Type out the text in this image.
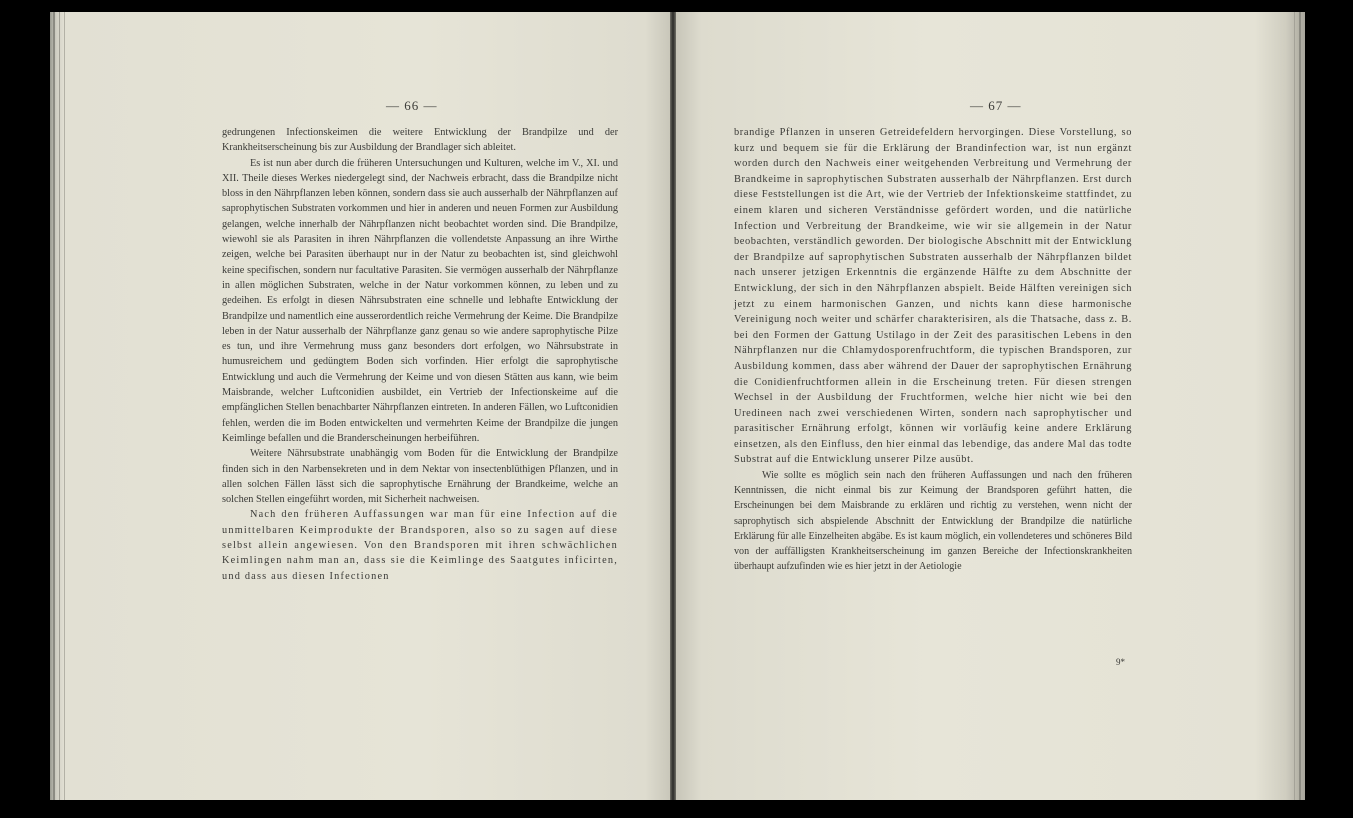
— 66 —

gedrungenen Infectionskeimen die weitere Entwicklung der Brandpilze und der Krankheitserscheinung bis zur Ausbildung der Brandlager sich ableitet.

Es ist nun aber durch die früheren Untersuchungen und Kulturen, welche im V., XI. und XII. Theile dieses Werkes niedergelegt sind, der Nachweis erbracht, dass die Brandpilze nicht bloss in den Nährpflanzen leben können, sondern dass sie auch ausserhalb der Nährpflanzen auf saprophytischen Substraten vorkommen und hier in anderen und neuen Formen zur Ausbildung gelangen, welche innerhalb der Nährpflanzen nicht beobachtet worden sind. Die Brandpilze, wiewohl sie als Parasiten in ihren Nährpflanzen die vollendetste Anpassung an ihre Wirthe zeigen, welche bei Parasiten überhaupt nur in der Natur zu beobachten ist, sind gleichwohl keine specifischen, sondern nur facultative Parasiten. Sie vermögen ausserhalb der Nährpflanze in allen möglichen Substraten, welche in der Natur vorkommen können, zu leben und zu gedeihen. Es erfolgt in diesen Nährsubstraten eine schnelle und lebhafte Entwicklung der Brandpilze und namentlich eine ausserordentlich reiche Vermehrung der Keime. Die Brandpilze leben in der Natur ausserhalb der Nährpflanze ganz genau so wie andere saprophytische Pilze es tun, und ihre Vermehrung muss ganz besonders dort erfolgen, wo Nährsubstrate in humusreichem und gedüngtem Boden sich vorfinden. Hier erfolgt die saprophytische Entwicklung und auch die Vermehrung der Keime und von diesen Stätten aus kann, wie beim Maisbrande, welcher Luftconidien ausbildet, ein Vertrieb der Infectionskeime auf die empfänglichen Stellen benachbarter Nährpflanzen eintreten. In anderen Fällen, wo Luftconidien fehlen, werden die im Boden entwickelten und vermehrten Keime der Brandpilze die jungen Keimlinge befallen und die Branderscheinungen herbeiführen.

Weitere Nährsubstrate unabhängig vom Boden für die Entwicklung der Brandpilze finden sich in den Narbensekreten und in dem Nektar von insectenblüthigen Pflanzen, und in allen solchen Fällen lässt sich die saprophytische Ernährung der Brandkeime, welche an solchen Stellen eingeführt worden, mit Sicherheit nachweisen.

Nach den früheren Auffassungen war man für eine Infection auf die unmittelbaren Keimprodukte der Brandsporen, also so zu sagen auf diese selbst allein angewiesen. Von den Brandsporen mit ihren schwächlichen Keimlingen nahm man an, dass sie die Keimlinge des Saatgutes inficirten, und dass aus diesen Infectionen

— 67 —

brandige Pflanzen in unseren Getreidefeldern hervorgingen. Diese Vorstellung, so kurz und bequem sie für die Erklärung der Brandinfection war, ist nun ergänzt worden durch den Nachweis einer weitgehenden Verbreitung und Vermehrung der Brandkeime in saprophytischen Substraten ausserhalb der Nährpflanzen. Erst durch diese Feststellungen ist die Art, wie der Vertrieb der Infektionskeime stattfindet, zu einem klaren und sicheren Verständnisse gefördert worden, und die natürliche Infection und Verbreitung der Brandkeime, wie wir sie allgemein in der Natur beobachten, verständlich geworden. Der biologische Abschnitt mit der Entwicklung der Brandpilze auf saprophytischen Substraten ausserhalb der Nährpflanzen bildet nach unserer jetzigen Erkenntnis die ergänzende Hälfte zu dem Abschnitte der Entwicklung, der sich in den Nährpflanzen abspielt. Beide Hälften vereinigen sich jetzt zu einem harmonischen Ganzen, und nichts kann diese harmonische Vereinigung noch weiter und schärfer charakterisiren, als die Thatsache, dass z. B. bei den Formen der Gattung Ustilago in der Zeit des parasitischen Lebens in den Nährpflanzen nur die Chlamydosporenfruchtform, die typischen Brandsporen, zur Ausbildung kommen, dass aber während der Dauer der saprophytischen Ernährung die Conidienfruchtformen allein in die Erscheinung treten. Für diesen strengen Wechsel in der Ausbildung der Fruchtformen, welche hier nicht wie bei den Uredineen nach zwei verschiedenen Wirten, sondern nach saprophytischer und parasitischer Ernährung erfolgt, können wir vorläufig keine andere Erklärung einsetzen, als den Einfluss, den hier einmal das lebendige, das andere Mal das todte Substrat auf die Entwicklung unserer Pilze ausübt.

Wie sollte es möglich sein nach den früheren Auffassungen und nach den früheren Kenntnissen, die nicht einmal bis zur Keimung der Brandsporen geführt hatten, die Erscheinungen bei dem Maisbrande zu erklären und richtig zu verstehen, wenn nicht der saprophytisch sich abspielende Abschnitt der Entwicklung der Brandpilze die natürliche Erklärung für alle Einzelheiten abgäbe. Es ist kaum möglich, ein vollendeteres und schöneres Bild von der auffälligsten Krankheitserscheinung im ganzen Bereiche der Infectionskrankheiten überhaupt aufzufinden wie es hier jetzt in der Aetiologie

9*
